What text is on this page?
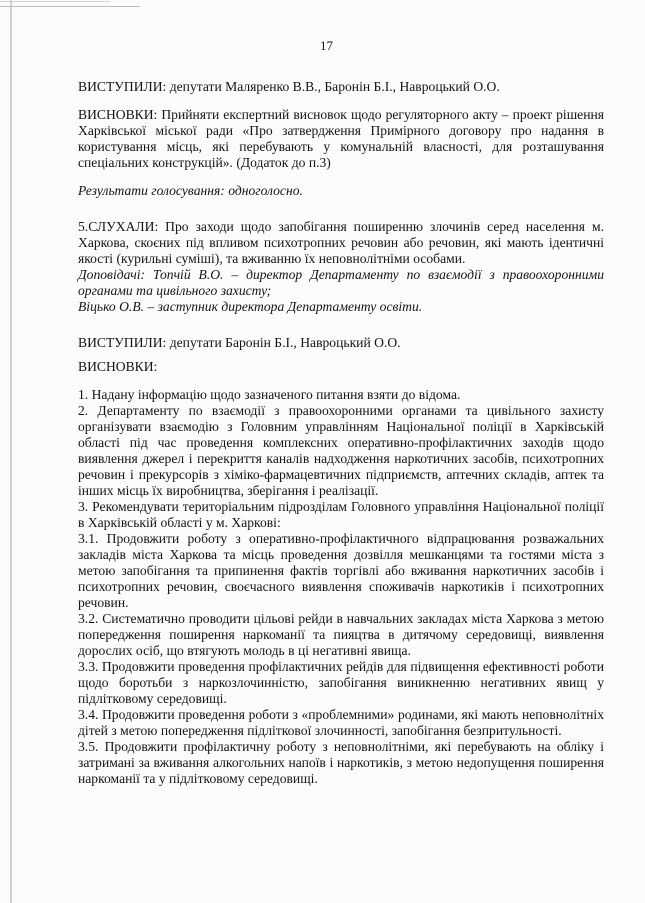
17

ВИСТУПИЛИ: депутати Маляренко В.В., Баронін Б.І., Навроцький О.О.

ВИСНОВКИ: Прийняти експертний висновок щодо регуляторного акту – проект рішення Харківської міської ради «Про затвердження Примірного договору про надання в користування місць, які перебувають у комунальній власності, для розташування спеціальних конструкцій». (Додаток до п.3)

Результати голосування: одноголосно.

5.СЛУХАЛИ: Про заходи щодо запобігання поширенню злочинів серед населення м. Харкова, скоєних під впливом психотропних речовин або речовин, які мають ідентичні якості (курильні суміші), та вживанню їх неповнолітніми особами.

Доповідачі: Топчій В.О. – директор Департаменту по взаємодії з правоохоронними органами та цивільного захисту;

Віцько О.В. – заступник директора Департаменту освіти.

ВИСТУПИЛИ: депутати Баронін Б.І., Навроцький О.О.

ВИСНОВКИ:

1. Надану інформацію щодо зазначеного питання взяти до відома.

2. Департаменту по взаємодії з правоохоронними органами та цивільного захисту організувати взаємодію з Головним управлінням Національної поліції в Харківській області під час проведення комплексних оперативно-профілактичних заходів щодо виявлення джерел і перекриття каналів надходження наркотичних засобів, психотропних речовин і прекурсорів з хіміко-фармацевтичних підприємств, аптечних складів, аптек та інших місць їх виробництва, зберігання і реалізації.

3. Рекомендувати територіальним підрозділам Головного управління Національної поліції в Харківській області у м. Харкові:

3.1. Продовжити роботу з оперативно-профілактичного відпрацювання розважальних закладів міста Харкова та місць проведення дозвілля мешканцями та гостями міста з метою запобігання та припинення фактів торгівлі або вживання наркотичних засобів і психотропних речовин, своєчасного виявлення споживачів наркотиків і психотропних речовин.

3.2. Систематично проводити цільові рейди в навчальних закладах міста Харкова з метою попередження поширення наркоманії та пияцтва в дитячому середовищі, виявлення дорослих осіб, що втягують молодь в ці негативні явища.

3.3. Продовжити проведення профілактичних рейдів для підвищення ефективності роботи щодо боротьби з наркозлочинністю, запобігання виникненню негативних явищ у підлітковому середовищі.

3.4. Продовжити проведення роботи з «проблемними» родинами, які мають неповнолітніх дітей з метою попередження підліткової злочинності, запобігання безпритульності.

3.5. Продовжити профілактичну роботу з неповнолітніми, які перебувають на обліку і затримані за вживання алкогольних напоїв і наркотиків, з метою недопущення поширення наркоманії та у підлітковому середовищі.
